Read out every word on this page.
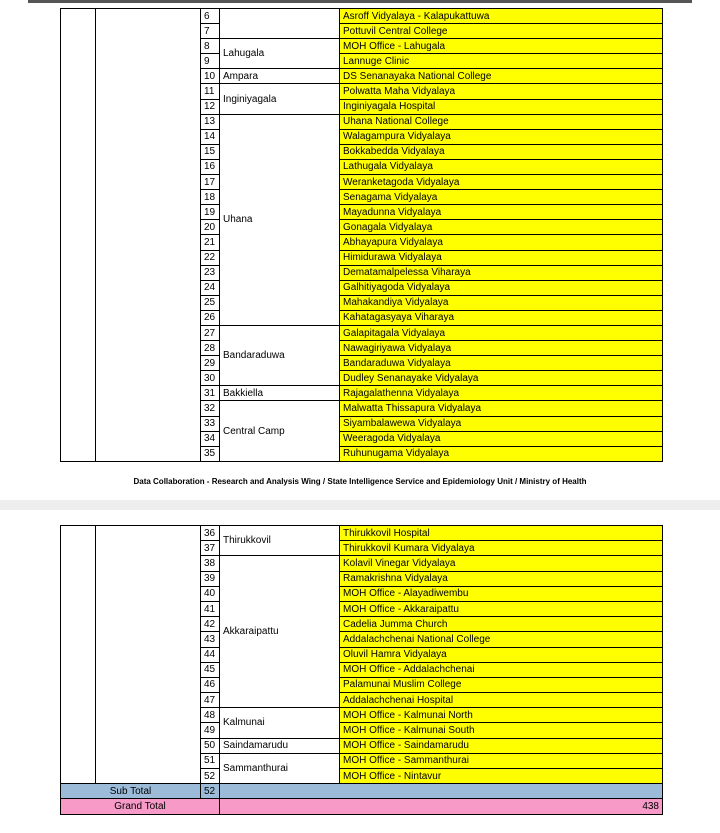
		6		Asroff Vidyalaya - Kalapukattuwa
		7		Pottuvil Central College
		8	Lahugala	MOH Office - Lahugala
		9		Lannuge Clinic
		10	Ampara	DS Senanayaka National College
		11	Inginiyagala	Polwatta Maha Vidyalaya
		12		Inginiyagala Hospital
		13	Uhana	Uhana National College
		14		Walagampura Vidyalaya
		15		Bokkabedda Vidyalaya
		16		Lathugala Vidyalaya
		17		Weranketagoda Vidyalaya
		18		Senagama Vidyalaya
		19		Mayadunna Vidyalaya
		20		Gonagala Vidyalaya
		21		Abhayapura Vidyalaya
		22		Himidurawa Vidyalaya
		23		Dematamalpelessa Viharaya
		24		Galhitiyagoda Vidyalaya
		25		Mahakandiya Vidyalaya
		26		Kahatagasyaya Viharaya
		27	Bandaraduwa	Galapitagala Vidyalaya
		28		Nawagiriyawa Vidyalaya
		29		Bandaraduwa Vidyalaya
		30		Dudley Senanayake Vidyalaya
		31	Bakkiella	Rajagalathenna Vidyalaya
		32	Central Camp	Malwatta Thissapura Vidyalaya
		33		Siyambalawewa Vidyalaya
		34		Weeragoda Vidyalaya
		35		Ruhunugama Vidyalaya
Data Collaboration - Research and Analysis Wing / State Intelligence Service and Epidemiology Unit / Ministry of Health
		36	Thirukkovil	Thirukkovil Hospital
		37		Thirukkovil Kumara Vidyalaya
		38	Akkaraipattu	Kolavil Vinegar Vidyalaya
		39		Ramakrishna Vidyalaya
		40		MOH Office - Alayadiwembu
		41		MOH Office - Akkaraipattu
		42		Cadelia Jumma Church
		43		Addalachchenai National College
		44		Oluvil Hamra Vidyalaya
		45		MOH Office - Addalachchenai
		46		Palamunai Muslim College
		47		Addalachchenai Hospital
		48	Kalmunai	MOH Office - Kalmunai North
		49		MOH Office - Kalmunai South
		50	Saindamarudu	MOH Office - Saindamarudu
		51	Sammanthurai	MOH Office - Sammanthurai
		52		MOH Office - Nintavur
Sub Total		52		
Grand Total			438	
